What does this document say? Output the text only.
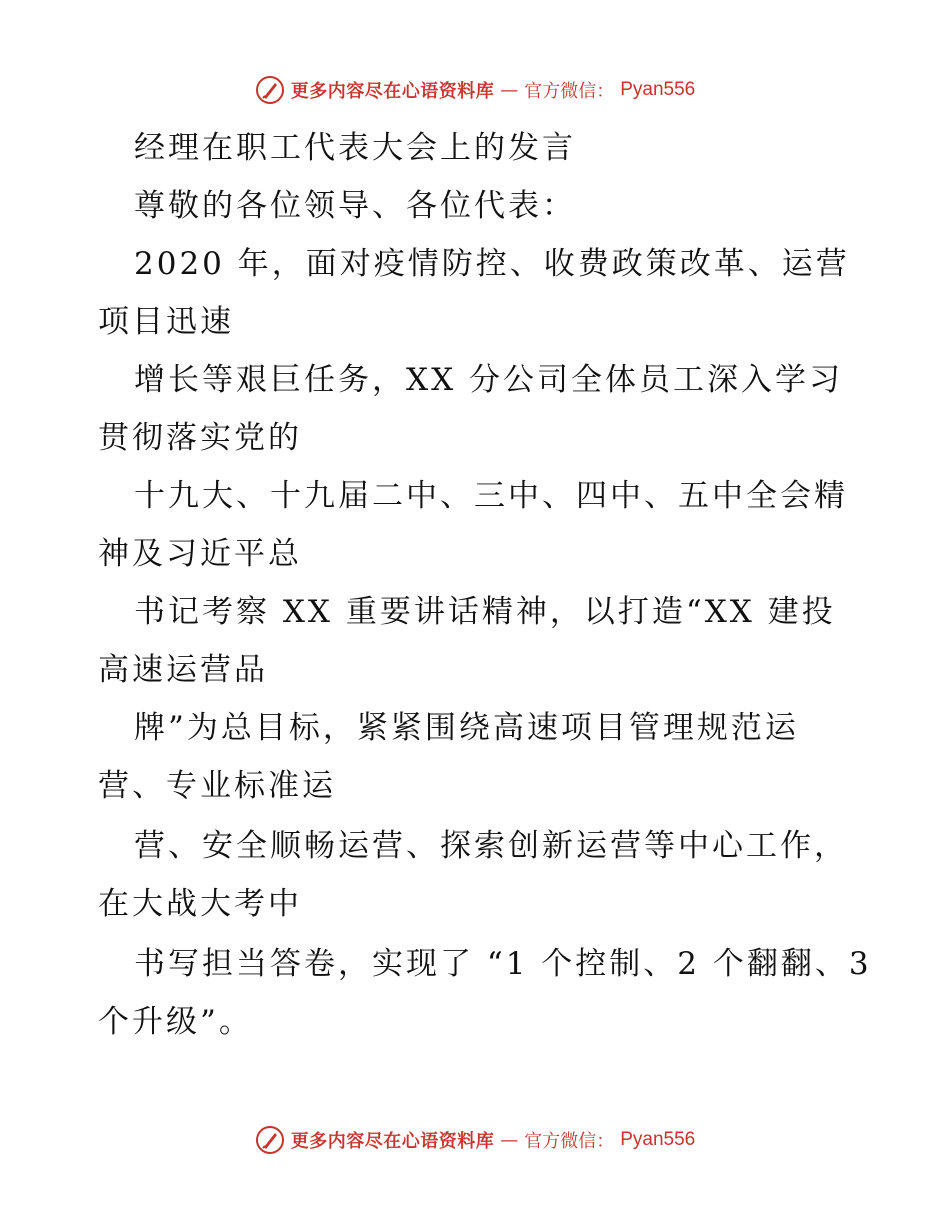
更多内容尽在心语资料库 — 官方微信： Pyan556
经理在职工代表大会上的发言
尊敬的各位领导、各位代表：
2020 年，面对疫情防控、收费政策改革、运营
项目迅速
增长等艰巨任务，XX 分公司全体员工深入学习
贯彻落实党的
十九大、十九届二中、三中、四中、五中全会精
神及习近平总
书记考察 XX 重要讲话精神，以打造“XX 建投
高速运营品
牌”为总目标，紧紧围绕高速项目管理规范运
营、专业标准运
营、安全顺畅运营、探索创新运营等中心工作，
在大战大考中
书写担当答卷，实现了 “1 个控制、2 个翻翻、3
个升级”。
更多内容尽在心语资料库 — 官方微信： Pyan556
